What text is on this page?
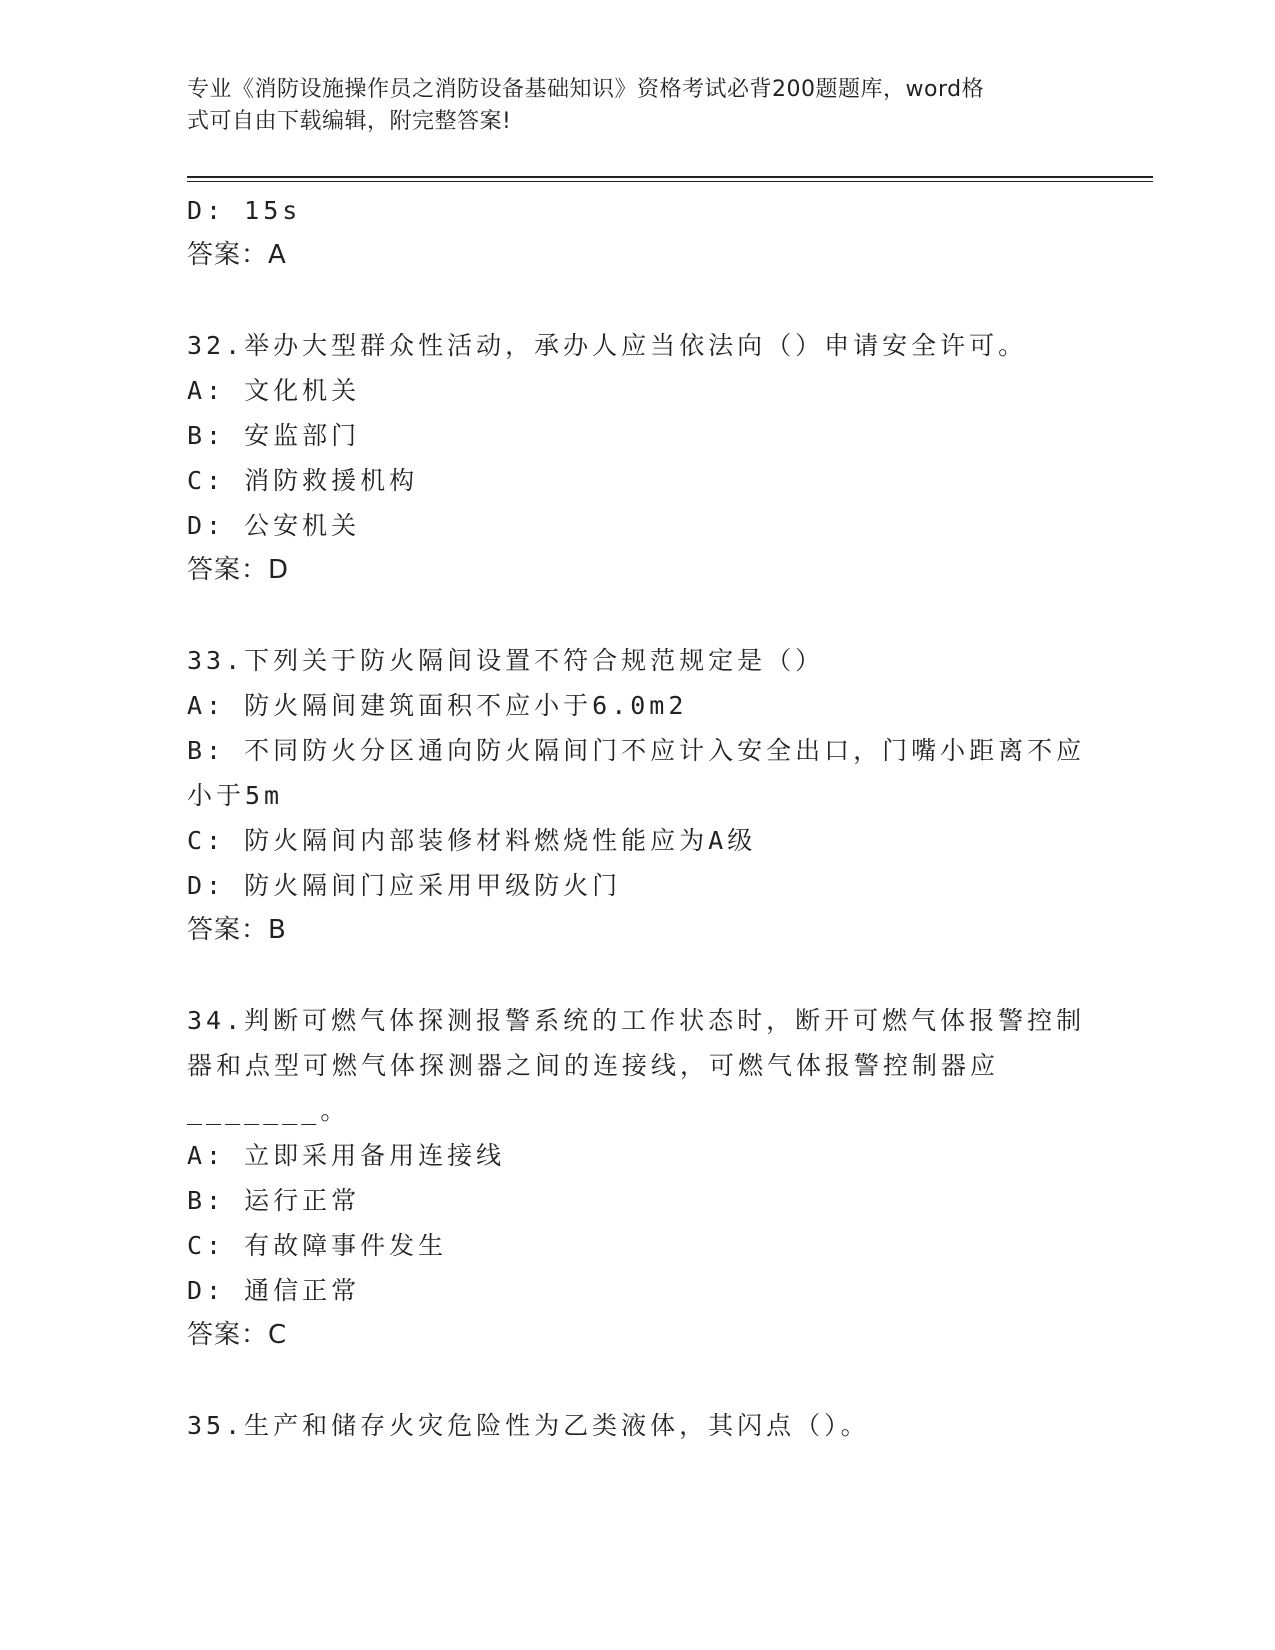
专业《消防设施操作员之消防设备基础知识》资格考试必背200题题库，word格
式可自由下载编辑，附完整答案!
D: 15s
答案：A
32.举办大型群众性活动，承办人应当依法向（）申请安全许可。
A: 文化机关
B: 安监部门
C: 消防救援机构
D: 公安机关
答案：D
33.下列关于防火隔间设置不符合规范规定是（）
A: 防火隔间建筑面积不应小于6.0m2
B: 不同防火分区通向防火隔间门不应计入安全出口，门嘴小距离不应
小于5m
C: 防火隔间内部装修材料燃烧性能应为A级
D: 防火隔间门应采用甲级防火门
答案：B
34.判断可燃气体探测报警系统的工作状态时，断开可燃气体报警控制
器和点型可燃气体探测器之间的连接线，可燃气体报警控制器应
_______。
A: 立即采用备用连接线
B: 运行正常
C: 有故障事件发生
D: 通信正常
答案：C
35.生产和储存火灾危险性为乙类液体，其闪点（）。
